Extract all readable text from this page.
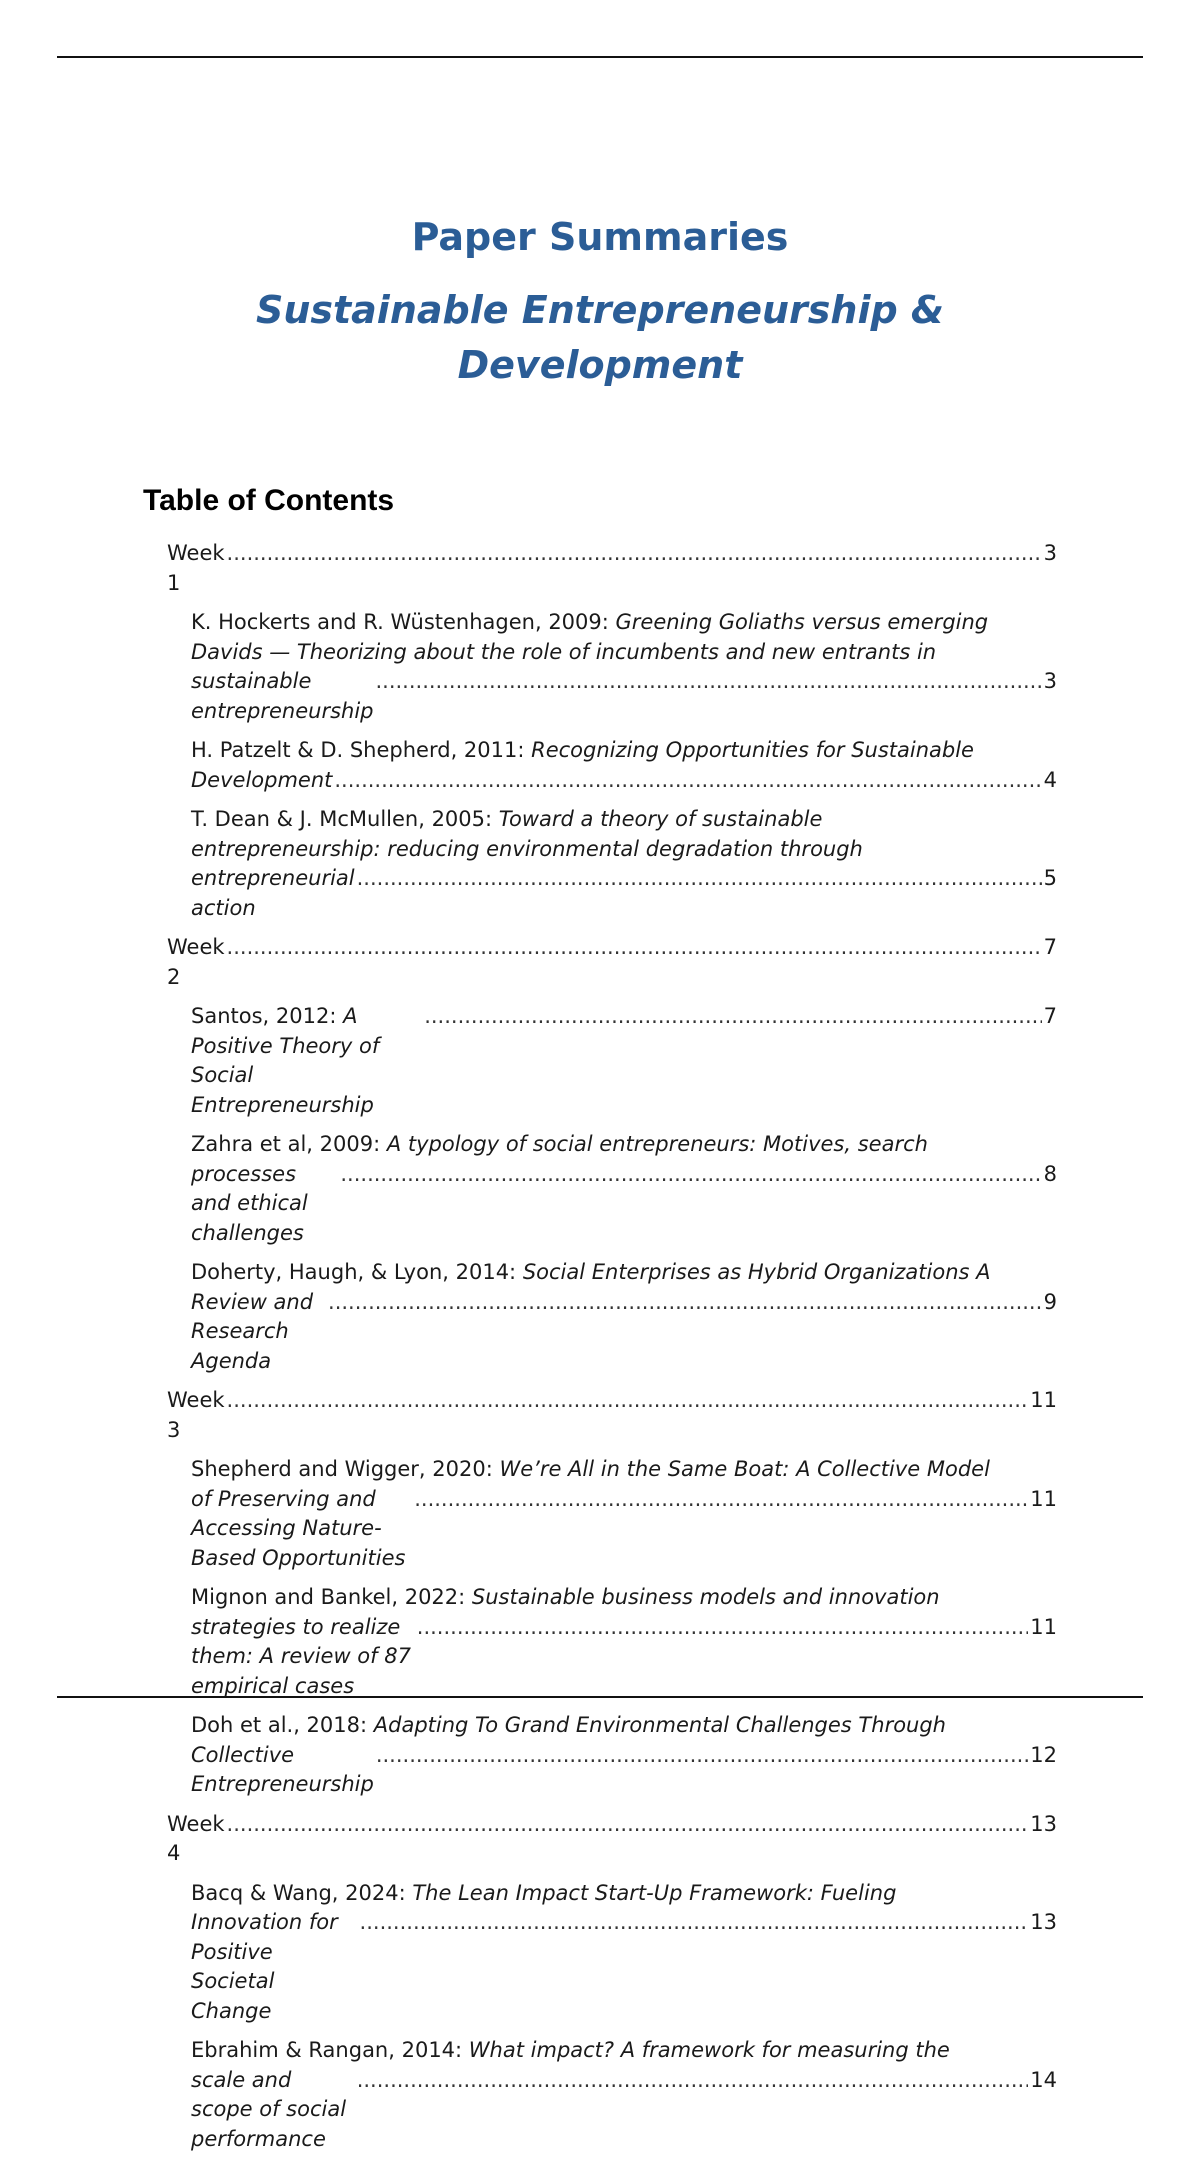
Paper Summaries
Sustainable Entrepreneurship & Development
Table of Contents
Week 1
.....
3
K. Hockerts and R. Wüstenhagen, 2009: Greening Goliaths versus emerging
Davids — Theorizing about the role of incumbents and new entrants in
sustainable entrepreneurship
.....
3
H. Patzelt & D. Shepherd, 2011: Recognizing Opportunities for Sustainable
Development
.....	4
T. Dean & J. McMullen, 2005: Toward a theory of sustainable
entrepreneurship: reducing environmental degradation through
entrepreneurial action
.....
5
Week 2
.....
7
Santos, 2012: A Positive Theory of Social Entrepreneurship
.....
7
Zahra et al, 2009: A typology of social entrepreneurs: Motives, search
processes and ethical challenges
.....
8
Doherty, Haugh, & Lyon, 2014: Social Enterprises as Hybrid Organizations A
Review and Research Agenda
.....
9
Week 3
.....
11
Shepherd and Wigger, 2020: We’re All in the Same Boat: A Collective Model
of Preserving and Accessing Nature-Based Opportunities
.....
11
Mignon and Bankel, 2022: Sustainable business models and innovation
strategies to realize them: A review of 87 empirical cases
.....
11
Doh et al., 2018: Adapting To Grand Environmental Challenges Through
Collective Entrepreneurship
.....
12
Week 4
.....
13
Bacq & Wang, 2024: The Lean Impact Start-Up Framework: Fueling
Innovation for Positive Societal Change
.....
13
Ebrahim & Rangan, 2014: What impact? A framework for measuring the
scale and scope of social performance
.....
14
